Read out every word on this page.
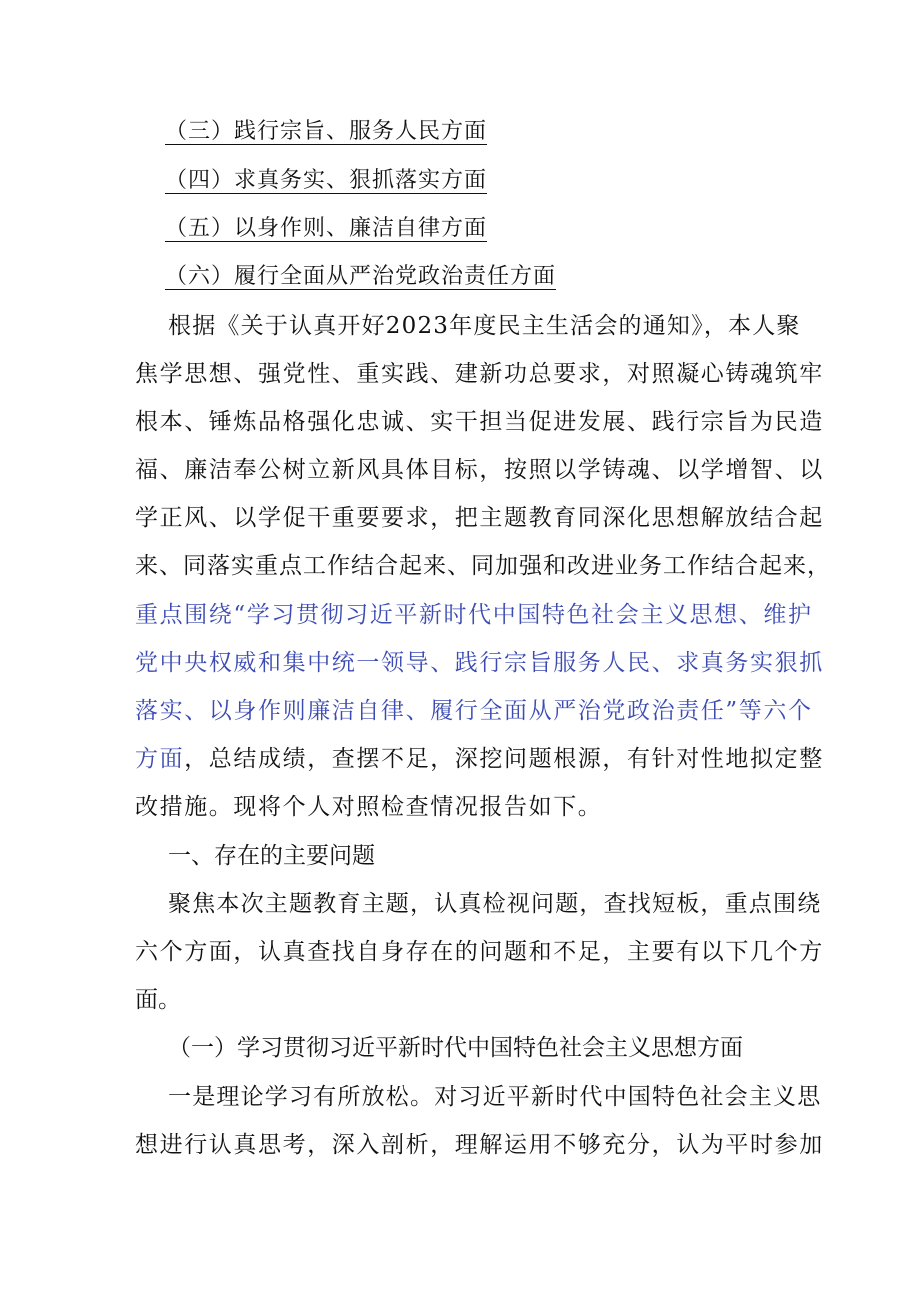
（三）践行宗旨、服务人民方面
（四）求真务实、狠抓落实方面
（五）以身作则、廉洁自律方面
（六）履行全面从严治党政治责任方面
根据《关于认真开好2023年度民主生活会的通知》，本人聚
焦学思想、强党性、重实践、建新功总要求，对照凝心铸魂筑牢
根本、锤炼品格强化忠诚、实干担当促进发展、践行宗旨为民造
福、廉洁奉公树立新风具体目标，按照以学铸魂、以学增智、以
学正风、以学促干重要要求，把主题教育同深化思想解放结合起
来、同落实重点工作结合起来、同加强和改进业务工作结合起来，
重点围绕“学习贯彻习近平新时代中国特色社会主义思想、维护
党中央权威和集中统一领导、践行宗旨服务人民、求真务实狠抓
落实、以身作则廉洁自律、履行全面从严治党政治责任”等六个
方面，总结成绩，查摆不足，深挖问题根源，有针对性地拟定整
改措施。现将个人对照检查情况报告如下。
一、存在的主要问题
聚焦本次主题教育主题，认真检视问题，查找短板，重点围绕
六个方面，认真查找自身存在的问题和不足，主要有以下几个方
面。
（一）学习贯彻习近平新时代中国特色社会主义思想方面
一是理论学习有所放松。对习近平新时代中国特色社会主义思
想进行认真思考，深入剖析，理解运用不够充分，认为平时参加
